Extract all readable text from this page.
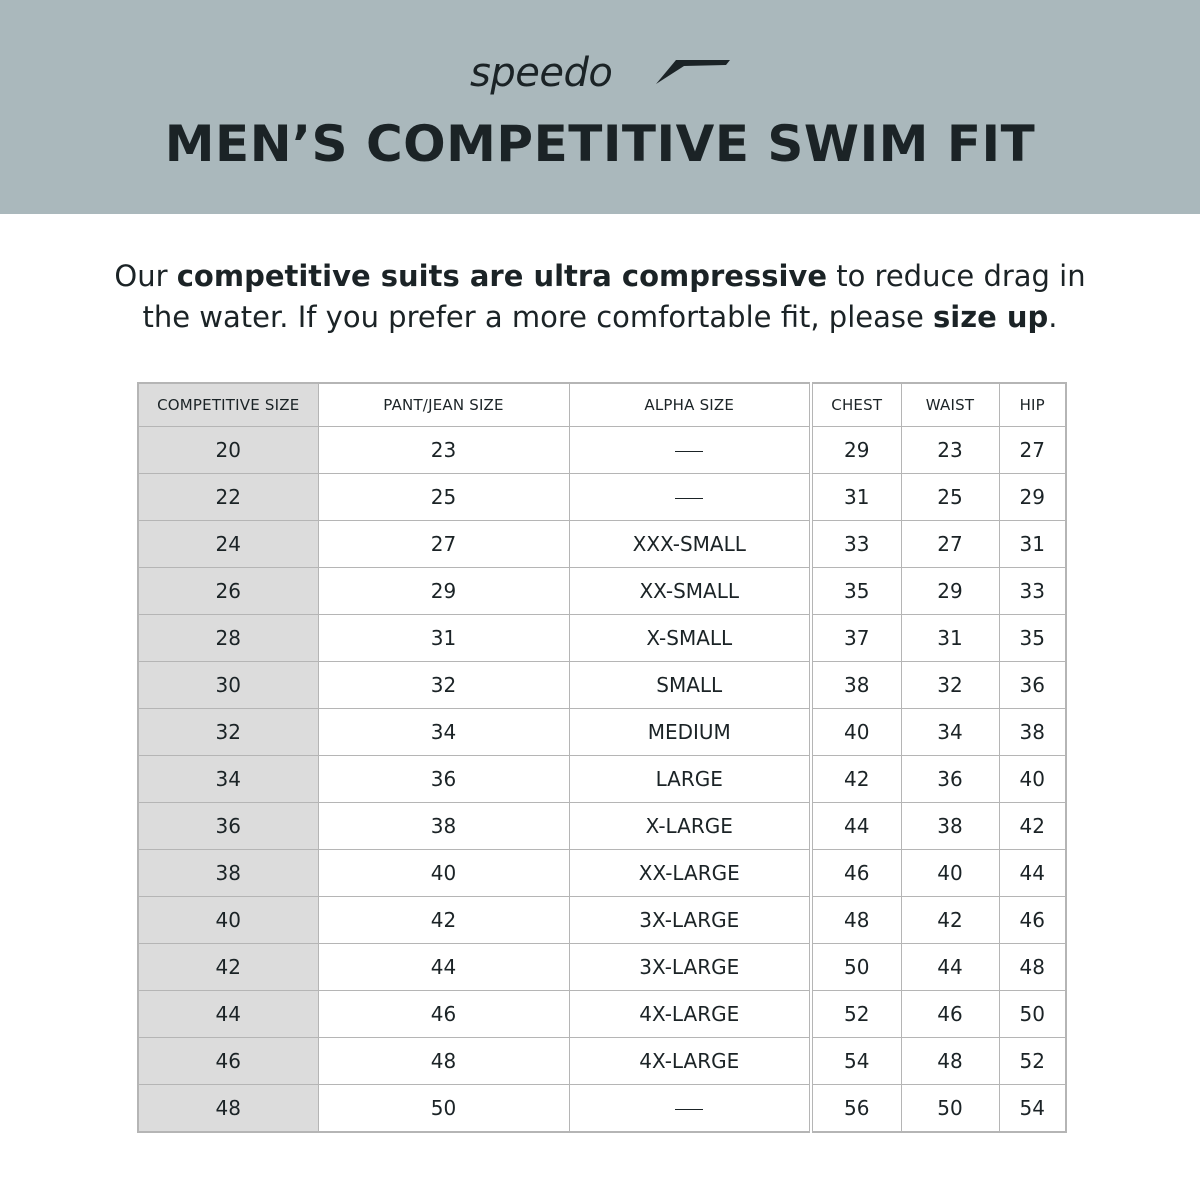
speedo
MEN’S COMPETITIVE SWIM FIT
Our competitive suits are ultra compressive to reduce drag in the water. If you prefer a more comfortable fit, please size up.
COMPETITIVE SIZE	PANT/JEAN SIZE	ALPHA SIZE	CHEST	WAIST	HIP
20	23		29	23	27
22	25		31	25	29
24	27	XXX-SMALL	33	27	31
26	29	XX-SMALL	35	29	33
28	31	X-SMALL	37	31	35
30	32	SMALL	38	32	36
32	34	MEDIUM	40	34	38
34	36	LARGE	42	36	40
36	38	X-LARGE	44	38	42
38	40	XX-LARGE	46	40	44
40	42	3X-LARGE	48	42	46
42	44	3X-LARGE	50	44	48
44	46	4X-LARGE	52	46	50
46	48	4X-LARGE	54	48	52
48	50		56	50	54
